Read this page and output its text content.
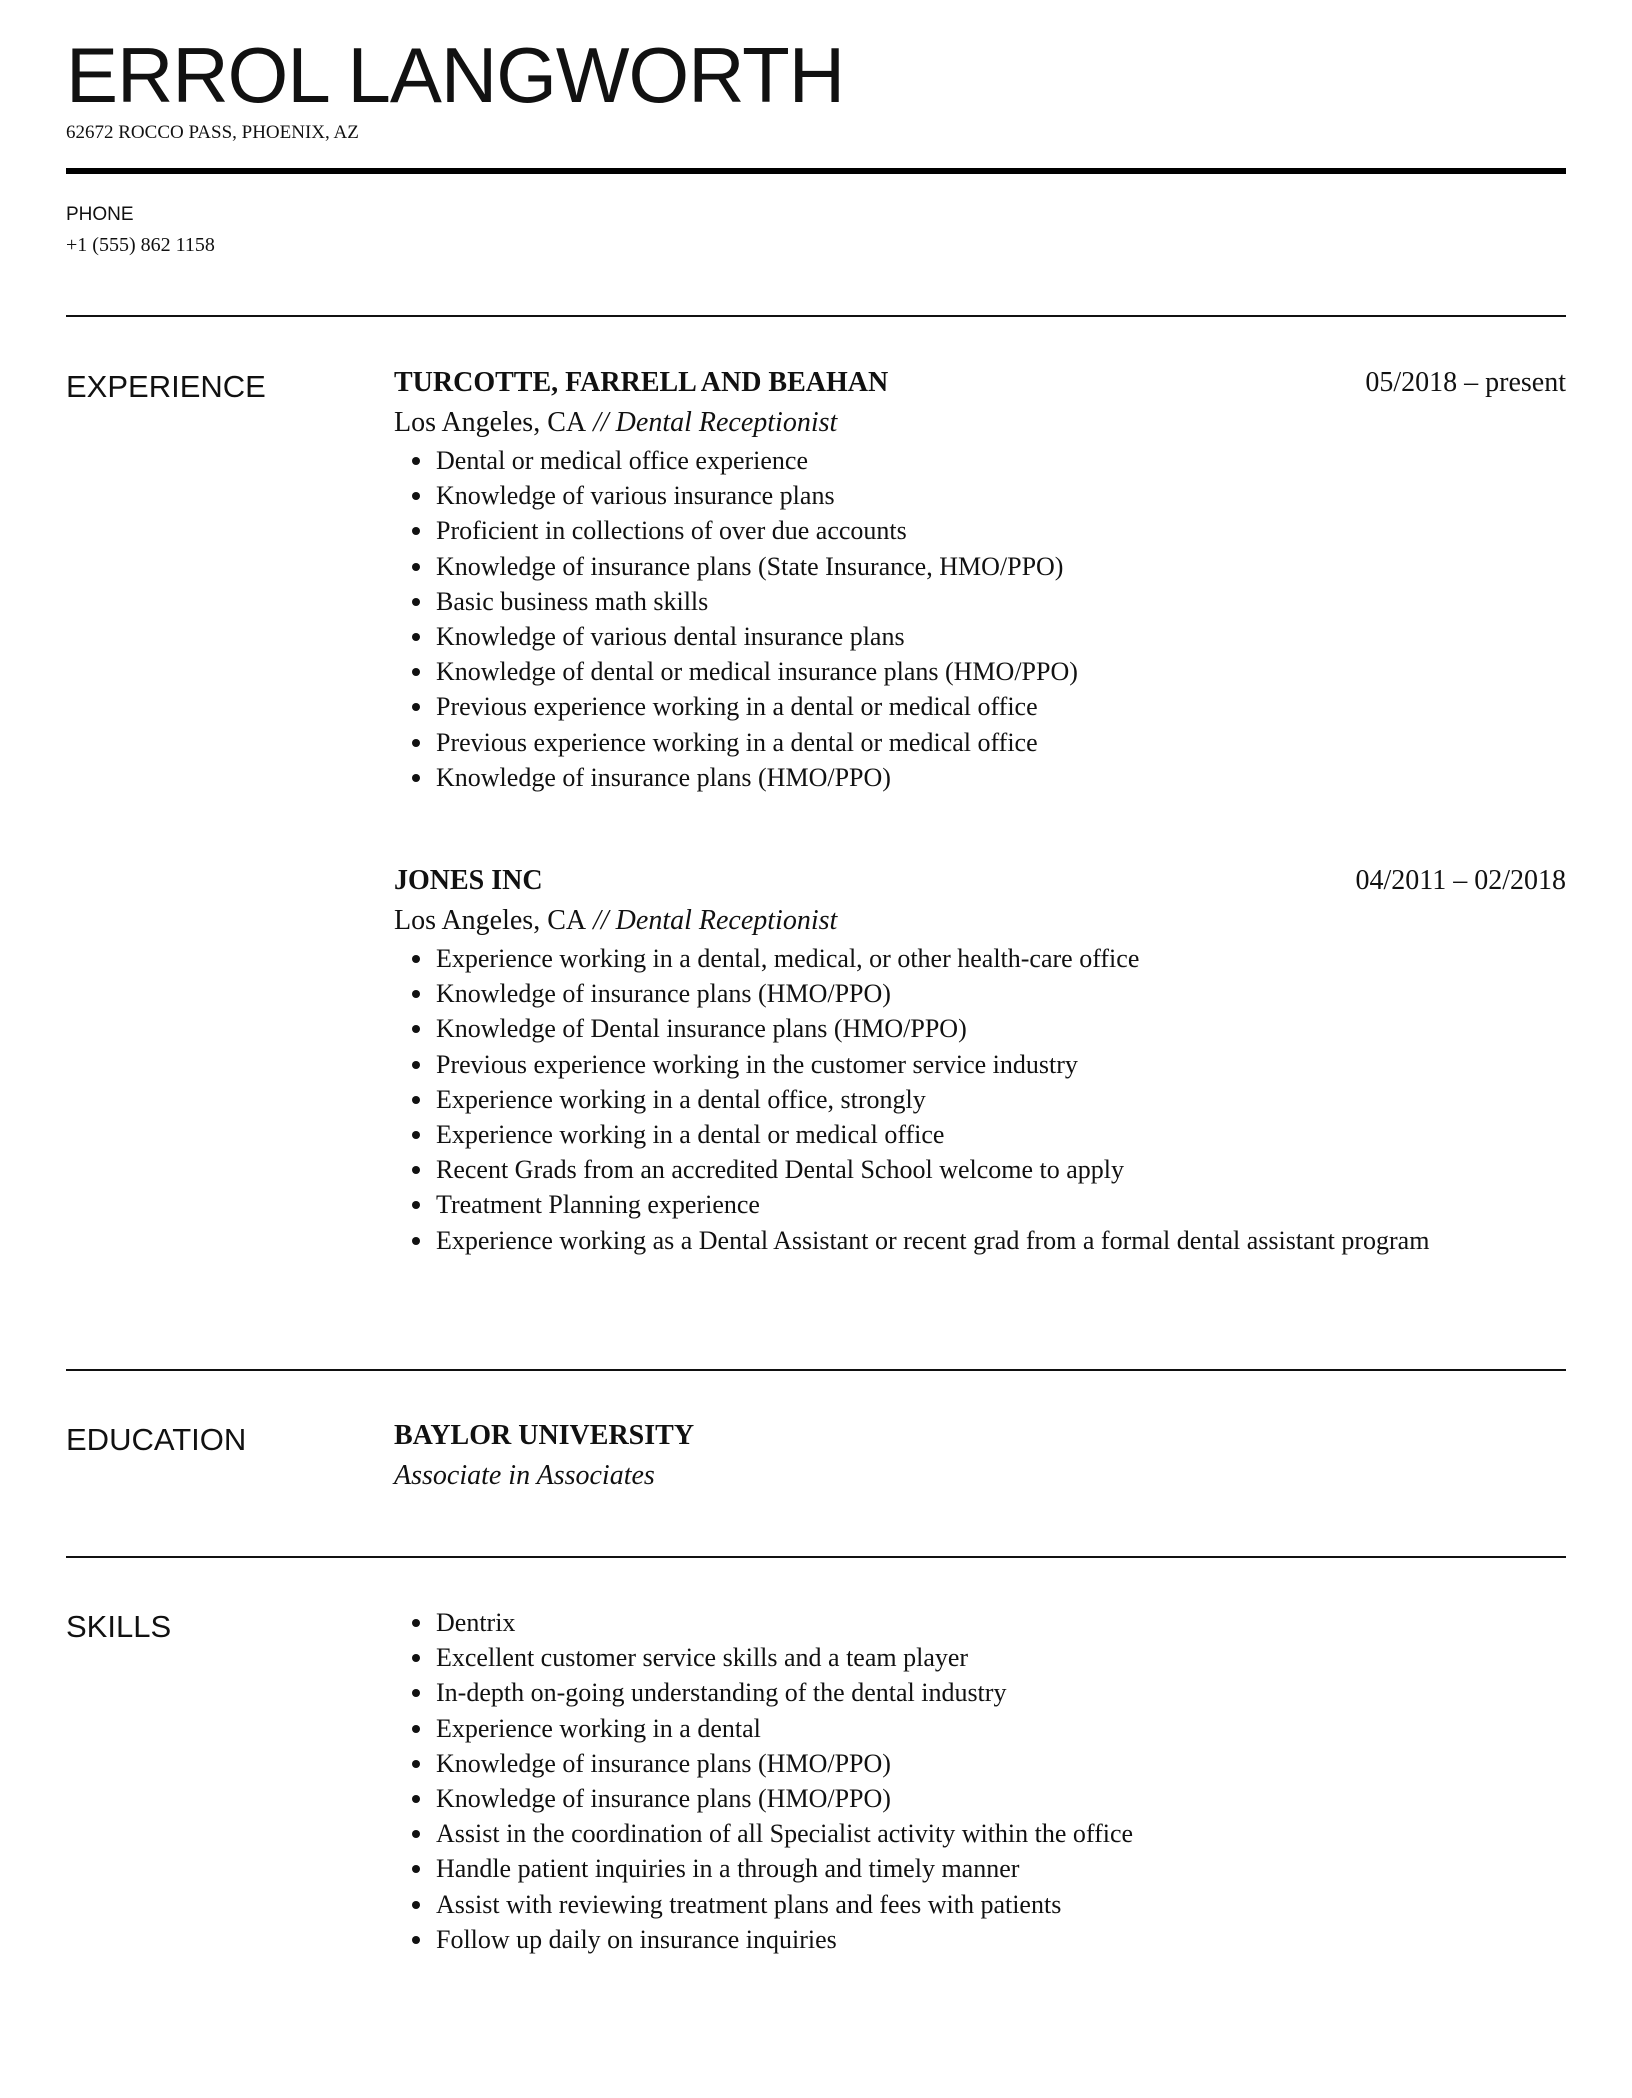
ERROL LANGWORTH
62672 ROCCO PASS, PHOENIX, AZ
PHONE
+1 (555) 862 1158
EXPERIENCE	TURCOTTE, FARRELL AND BEAHAN	05/2018 – present
Los Angeles, CA // Dental Receptionist
Dental or medical office experience
Knowledge of various insurance plans
Proficient in collections of over due accounts
Knowledge of insurance plans (State Insurance, HMO/PPO)
Basic business math skills
Knowledge of various dental insurance plans
Knowledge of dental or medical insurance plans (HMO/PPO)
Previous experience working in a dental or medical office
Previous experience working in a dental or medical office
Knowledge of insurance plans (HMO/PPO)
JONES INC	04/2011 – 02/2018
Los Angeles, CA // Dental Receptionist
Experience working in a dental, medical, or other health-care office
Knowledge of insurance plans (HMO/PPO)
Knowledge of Dental insurance plans (HMO/PPO)
Previous experience working in the customer service industry
Experience working in a dental office, strongly
Experience working in a dental or medical office
Recent Grads from an accredited Dental School welcome to apply
Treatment Planning experience
Experience working as a Dental Assistant or recent grad from a formal dental assistant program
EDUCATION	BAYLOR UNIVERSITY
Associate in Associates
SKILLS	Dentrix
Excellent customer service skills and a team player
In-depth on-going understanding of the dental industry
Experience working in a dental
Knowledge of insurance plans (HMO/PPO)
Knowledge of insurance plans (HMO/PPO)
Assist in the coordination of all Specialist activity within the office
Handle patient inquiries in a through and timely manner
Assist with reviewing treatment plans and fees with patients
Follow up daily on insurance inquiries
